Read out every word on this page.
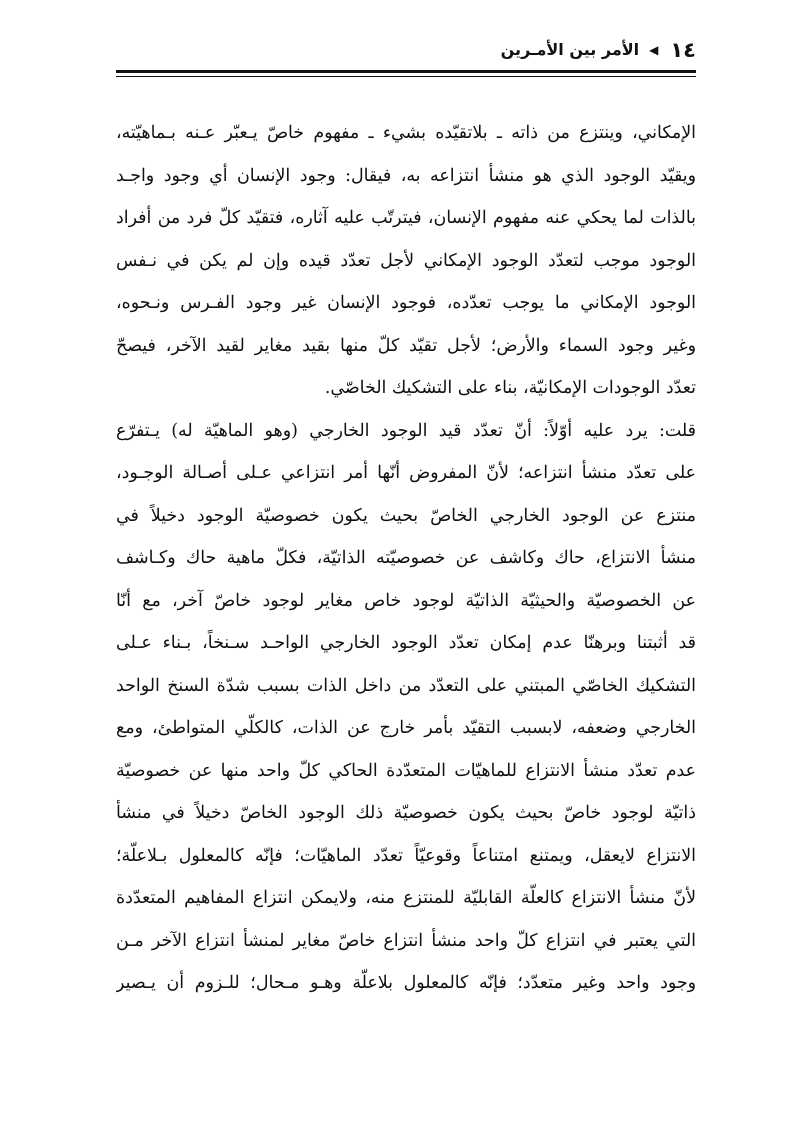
١٤
◀
الأمر بين الأمـرين
الإمكاني، وينتزع من ذاته ـ بلاتقيّده بشيء ـ مفهوم خاصّ يـعبّر عـنه بـماهيّته،
ويقيّد الوجود الذي هو منشأ انتزاعه به، فيقال: وجود الإنسان أي وجود واجـد
بالذات لما يحكي عنه مفهوم الإنسان، فيترتّب عليه آثاره، فتقيّد كلّ فرد من أفراد
الوجود موجب لتعدّد الوجود الإمكاني لأجل تعدّد قيده وإن لم يكن في نـفس
الوجود الإمكاني ما يوجب تعدّده، فوجود الإنسان غير وجود الفـرس ونـحوه،
وغير وجود السماء والأرض؛ لأجل تقيّد كلّ منها بقيد مغاير لقيد الآخر، فيصحّ
تعدّد الوجودات الإمكانيّة، بناء على التشكيك الخاصّي.
قلت: يرد عليه أوّلاً: أنّ تعدّد قيد الوجود الخارجي (وهو الماهيّة له) يـتفرّع
على تعدّد منشأ انتزاعه؛ لأنّ المفروض أنّها أمر انتزاعي عـلى أصـالة الوجـود،
منتزع عن الوجود الخارجي الخاصّ بحيث يكون خصوصيّة الوجود دخيلاً في
منشأ الانتزاع، حاك وكاشف عن خصوصيّته الذاتيّة، فكلّ ماهية حاك وكـاشف
عن الخصوصيّة والحيثيّة الذاتيّة لوجود خاص مغاير لوجود خاصّ آخر، مع أنّا
قد أثبتنا وبرهنّا عدم إمكان تعدّد الوجود الخارجي الواحـد سـنخاً، بـناء عـلى
التشكيك الخاصّي المبتني على التعدّد من داخل الذات بسبب شدّة السنخ الواحد
الخارجي وضعفه، لابسبب التقيّد بأمر خارج عن الذات، كالكلّي المتواطئ، ومع
عدم تعدّد منشأ الانتزاع للماهيّات المتعدّدة الحاكي كلّ واحد منها عن خصوصيّة
ذاتيّة لوجود خاصّ بحيث يكون خصوصيّة ذلك الوجود الخاصّ دخيلاً في منشأ
الانتزاع لايعقل، ويمتنع امتناعاً وقوعيّاً تعدّد الماهيّات؛ فإنّه كالمعلول بـلاعلّة؛
لأنّ منشأ الانتزاع كالعلّة القابليّة للمنتزع منه، ولايمكن انتزاع المفاهيم المتعدّدة
التي يعتبر في انتزاع كلّ واحد منشأ انتزاع خاصّ مغاير لمنشأ انتزاع الآخر مـن
وجود واحد وغير متعدّد؛ فإنّه كالمعلول بلاعلّة وهـو مـحال؛ للـزوم أن يـصير
